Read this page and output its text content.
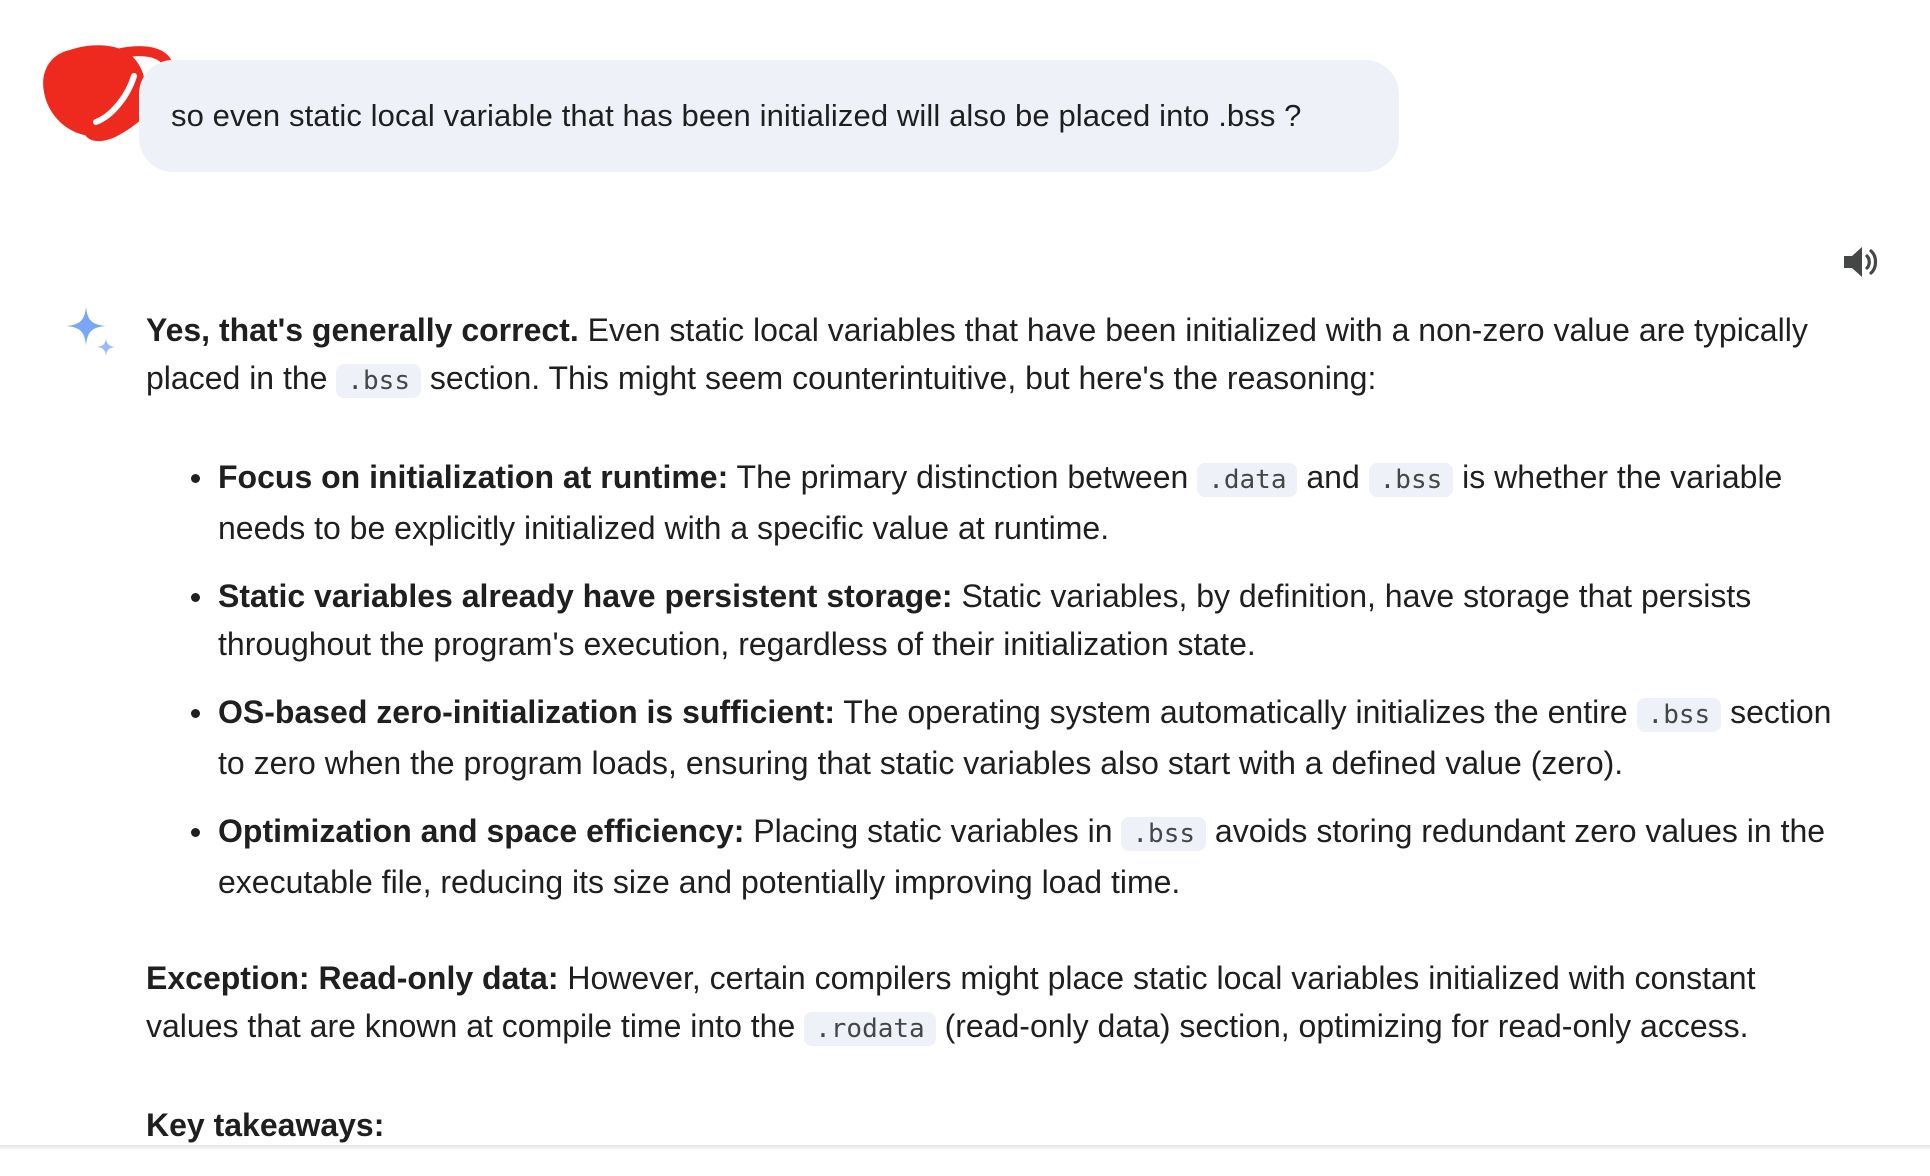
so even static local variable that has been initialized will also be placed into .bss ?

Yes, that's generally correct. Even static local variables that have been initialized with a non-zero value are typically placed in the .bss section. This might seem counterintuitive, but here's the reasoning:

Focus on initialization at runtime: The primary distinction between .data and .bss is whether the variable needs to be explicitly initialized with a specific value at runtime.
Static variables already have persistent storage: Static variables, by definition, have storage that persists throughout the program's execution, regardless of their initialization state.
OS-based zero-initialization is sufficient: The operating system automatically initializes the entire .bss section to zero when the program loads, ensuring that static variables also start with a defined value (zero).
Optimization and space efficiency: Placing static variables in .bss avoids storing redundant zero values in the executable file, reducing its size and potentially improving load time.

Exception: Read-only data: However, certain compilers might place static local variables initialized with constant values that are known at compile time into the .rodata (read-only data) section, optimizing for read-only access.

Key takeaways:
